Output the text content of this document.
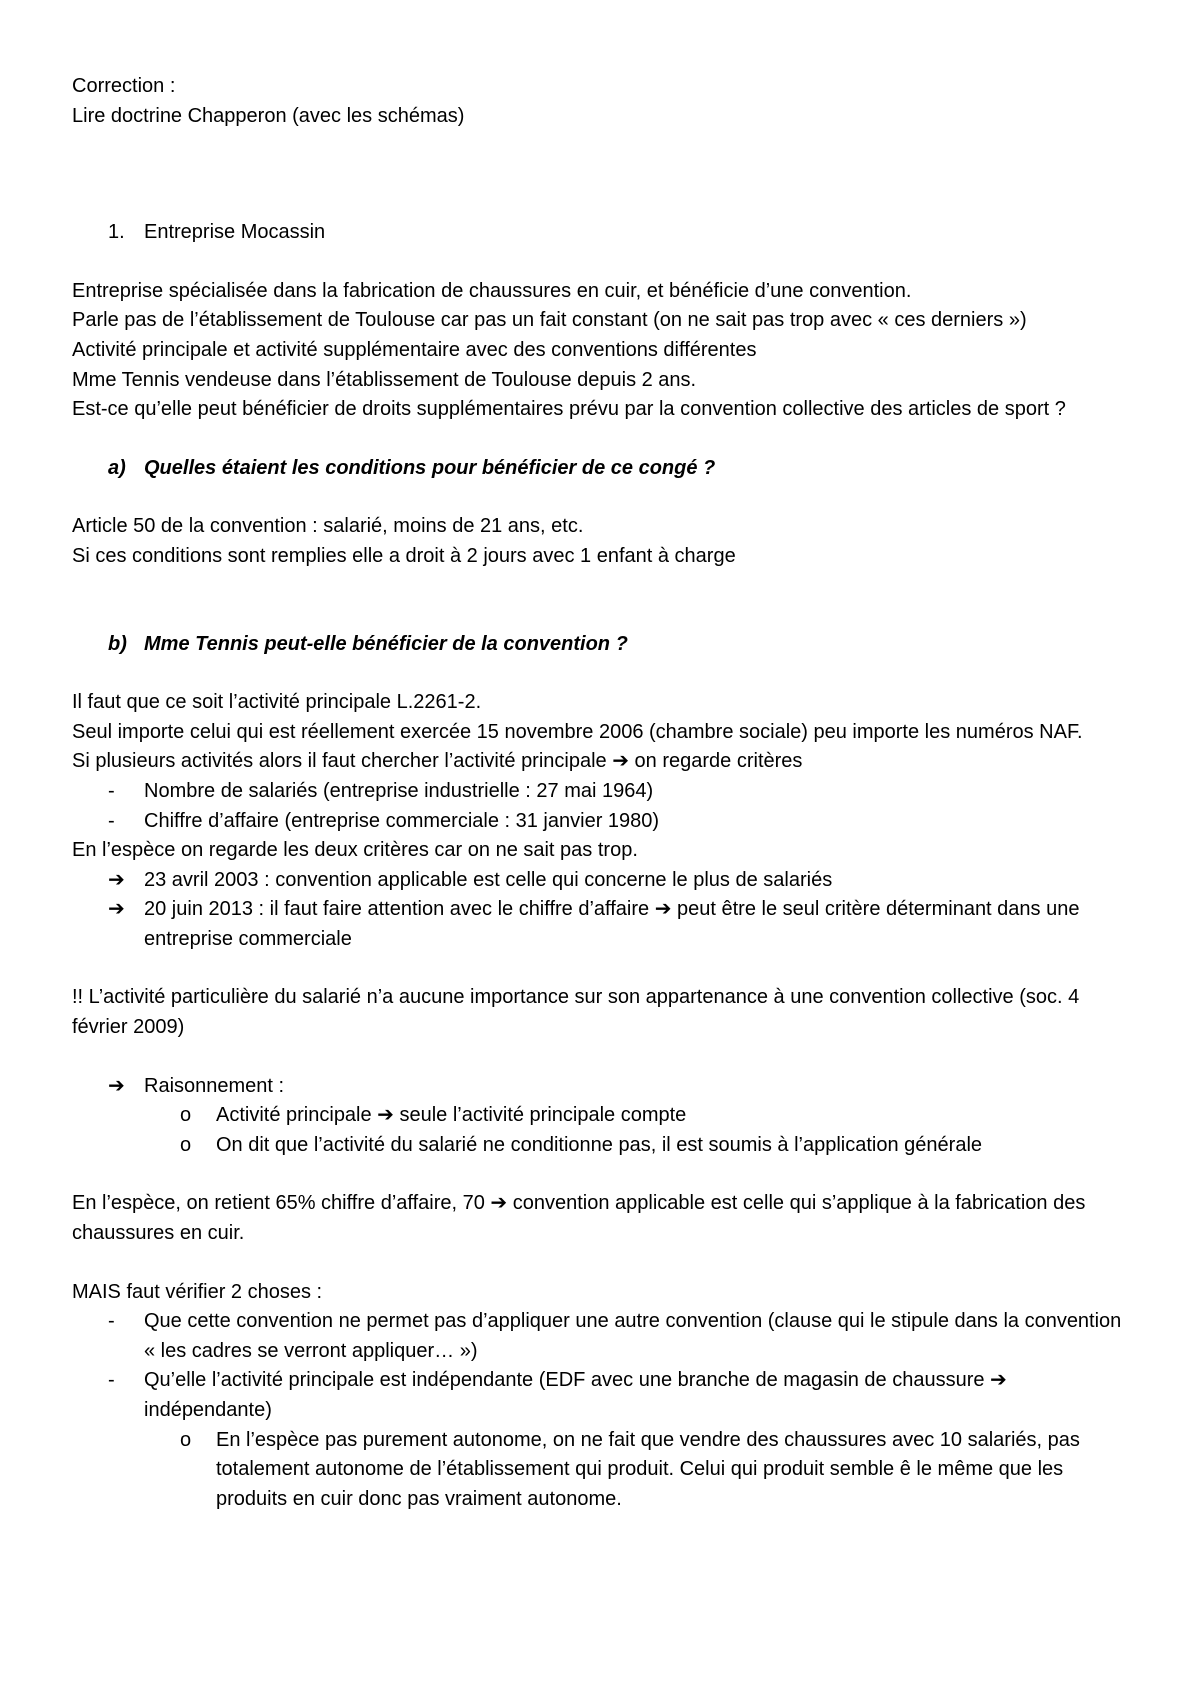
Correction :

Lire doctrine Chapperon (avec les schémas)

1. Entreprise Mocassin

Entreprise spécialisée dans la fabrication de chaussures en cuir, et bénéficie d’une convention.

Parle pas de l’établissement de Toulouse car pas un fait constant (on ne sait pas trop avec « ces derniers »)

Activité principale et activité supplémentaire avec des conventions différentes

Mme Tennis vendeuse dans l’établissement de Toulouse depuis 2 ans.

Est-ce qu’elle peut bénéficier de droits supplémentaires prévu par la convention collective des articles de sport ?

a) Quelles étaient les conditions pour bénéficier de ce congé ?

Article 50 de la convention : salarié, moins de 21 ans, etc.

Si ces conditions sont remplies elle a droit à 2 jours avec 1 enfant à charge

b) Mme Tennis peut-elle bénéficier de la convention ?

Il faut que ce soit l’activité principale L.2261-2.

Seul importe celui qui est réellement exercée 15 novembre 2006 (chambre sociale) peu importe les numéros NAF.

Si plusieurs activités alors il faut chercher l’activité principale ➔ on regarde critères

-	Nombre de salariés (entreprise industrielle : 27 mai 1964)
-	Chiffre d’affaire (entreprise commerciale : 31 janvier 1980)

En l’espèce on regarde les deux critères car on ne sait pas trop.

➔ 23 avril 2003 : convention applicable est celle qui concerne le plus de salariés
➔ 20 juin 2013 : il faut faire attention avec le chiffre d’affaire ➔ peut être le seul critère déterminant dans une entreprise commerciale

!! L’activité particulière du salarié n’a aucune importance sur son appartenance à une convention collective (soc. 4 février 2009)

➔ Raisonnement :
o	Activité principale ➔ seule l’activité principale compte
o	On dit que l’activité du salarié ne conditionne pas, il est soumis à l’application générale

En l’espèce, on retient 65% chiffre d’affaire, 70 ➔ convention applicable est celle qui s’applique à la fabrication des chaussures en cuir.

MAIS faut vérifier 2 choses :

-	Que cette convention ne permet pas d’appliquer une autre convention (clause qui le stipule dans la convention « les cadres se verront appliquer… »)
-	Qu’elle l’activité principale est indépendante (EDF avec une branche de magasin de chaussure ➔ indépendante)
o	En l’espèce pas purement autonome, on ne fait que vendre des chaussures avec 10 salariés, pas totalement autonome de l’établissement qui produit. Celui qui produit semble ê le même que les produits en cuir donc pas vraiment autonome.
